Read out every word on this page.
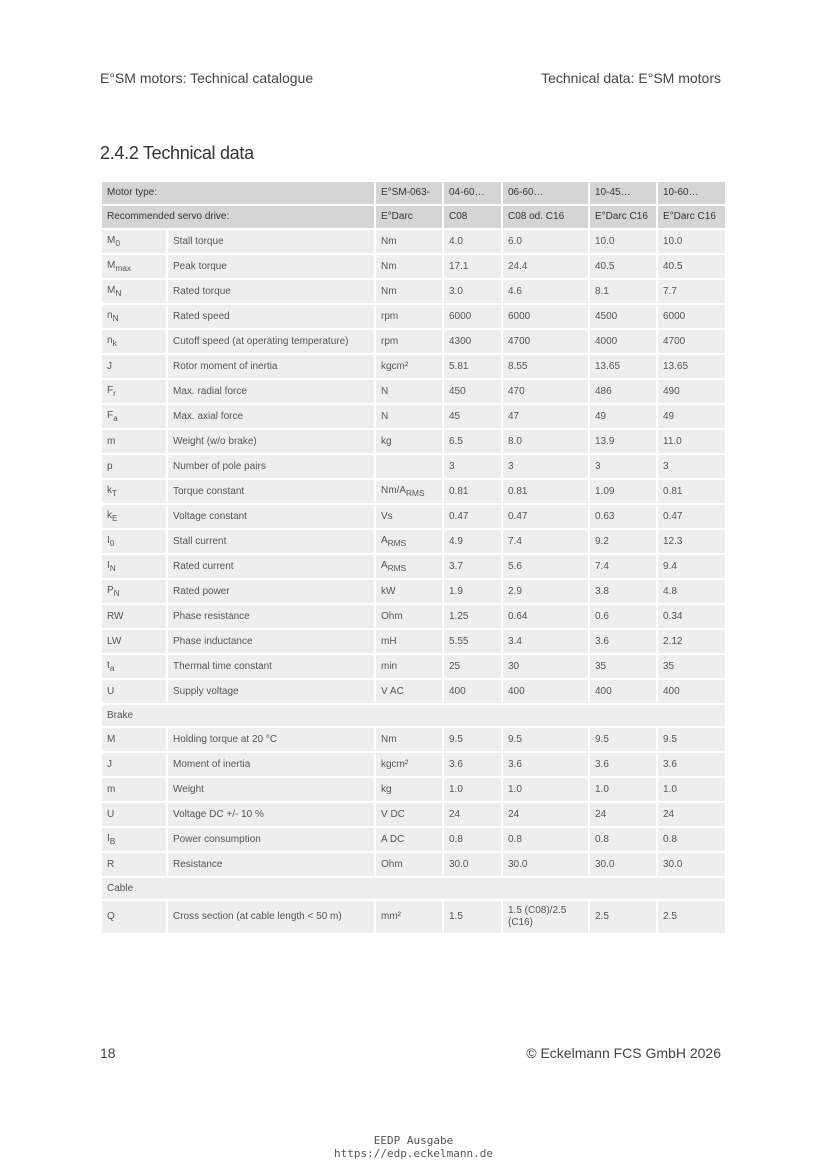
E°SM motors: Technical catalogue	Technical data: E°SM motors
2.4.2 Technical data
Motor type:		E°SM-063-	04-60…	06-60…	10-45…	10-60…
Recommended servo drive:		E°Darc	C08	C08 od. C16	E°Darc C16	E°Darc C16
$M_0$	Stall torque	Nm	4.0	6.0	10.0	10.0
$M_{max}$	Peak torque	Nm	17.1	24.4	40.5	40.5
$M_N$	Rated torque	Nm	3.0	4.6	8.1	7.7
$n_N$	Rated speed	rpm	6000	6000	4500	6000
$n_k$	Cutoff speed (at operating temperature)	rpm	4300	4700	4000	4700
J	Rotor moment of inertia	kgcm²	5.81	8.55	13.65	13.65
$F_r$	Max. radial force	N	450	470	486	490
$F_a$	Max. axial force	N	45	47	49	49
m	Weight (w/o brake)	kg	6.5	8.0	13.9	11.0
p	Number of pole pairs		3	3	3	3
$k_T$	Torque constant	$Nm/A_{RMS}$	0.81	0.81	1.09	0.81
$k_E$	Voltage constant	Vs	0.47	0.47	0.63	0.47
$I_0$	Stall current	$A_{RMS}$	4.9	7.4	9.2	12.3
$I_N$	Rated current	$A_{RMS}$	3.7	5.6	7.4	9.4
$P_N$	Rated power	kW	1.9	2.9	3.8	4.8
RW	Phase resistance	Ohm	1.25	0.64	0.6	0.34
LW	Phase inductance	mH	5.55	3.4	3.6	2.12
$t_a$	Thermal time constant	min	25	30	35	35
U	Supply voltage	V AC	400	400	400	400
Brake						
M	Holding torque at 20 °C	Nm	9.5	9.5	9.5	9.5
J	Moment of inertia	kgcm²	3.6	3.6	3.6	3.6
m	Weight	kg	1.0	1.0	1.0	1.0
U	Voltage DC +/- 10 %	V DC	24	24	24	24
$I_B$	Power consumption	A DC	0.8	0.8	0.8	0.8
R	Resistance	Ohm	30.0	30.0	30.0	30.0
Cable						
Q	Cross section (at cable length < 50 m)	mm²	1.5	1.5 (C08)/2.5 (C16)	2.5	2.5
18	© Eckelmann FCS GmbH 2026
EEDP Ausgabe
https://edp.eckelmann.de
